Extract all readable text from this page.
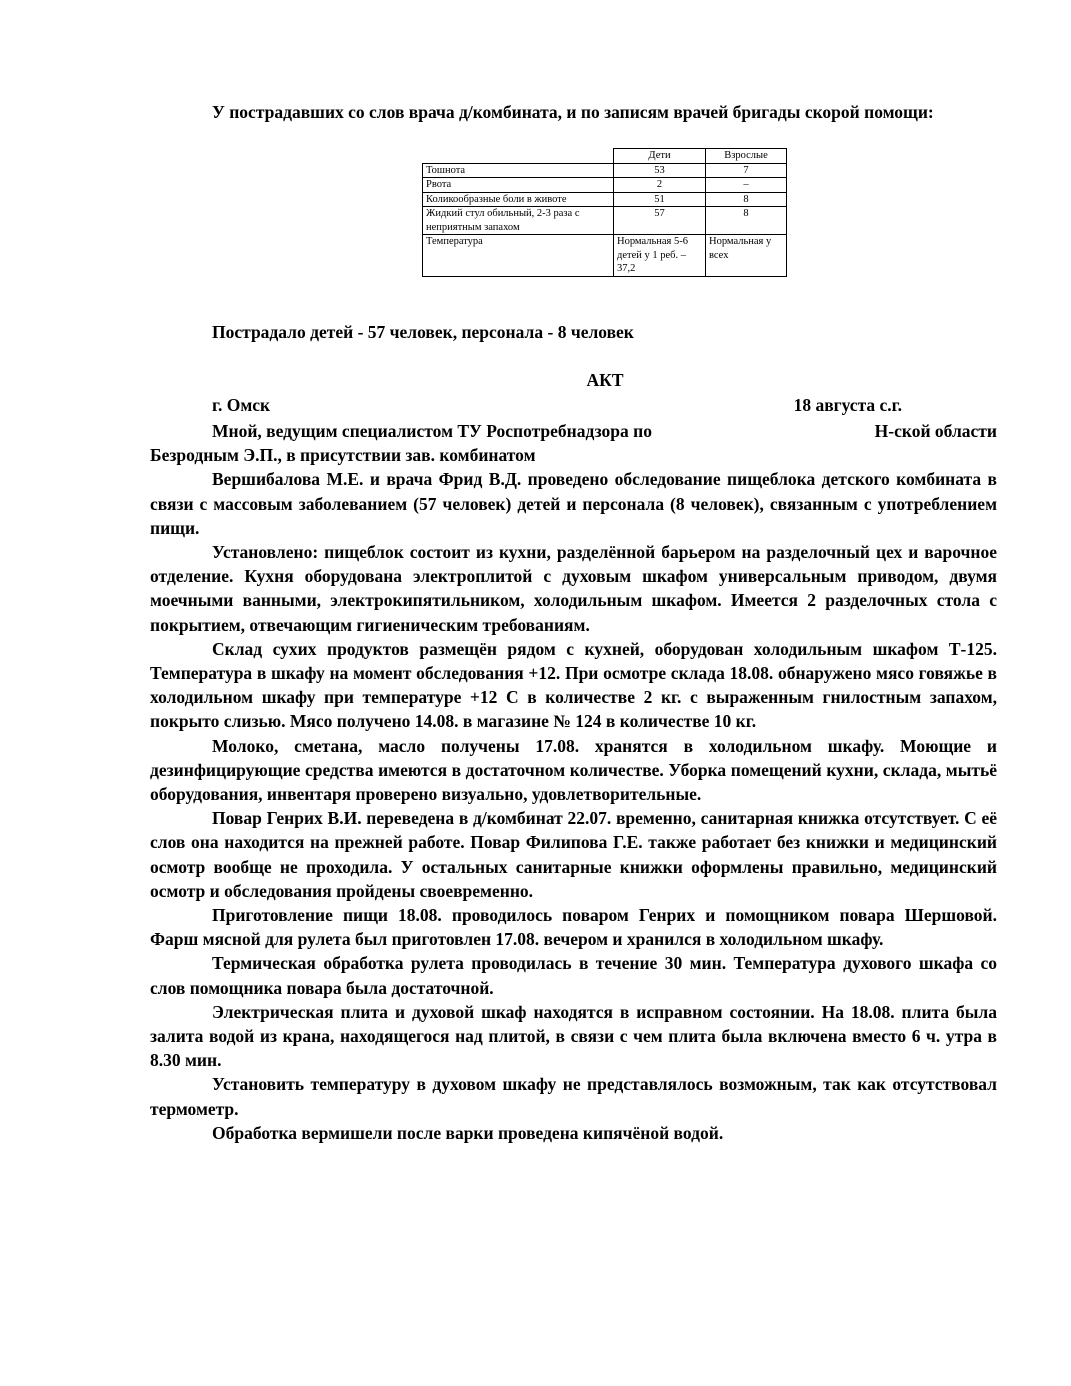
У пострадавших со слов врача д/комбината, и по записям врачей бригады скорой помощи:

	Дети	Взрослые
Тошнота	53	7
Рвота	2	–
Коликообразные боли в животе	51	8
Жидкий стул обильный, 2-3 раза с неприятным запахом	57	8
Температура	Нормальная 5-6 детей у 1 реб. – 37,2	Нормальная у всех
Пострадало детей - 57 человек, персонала - 8 человек
АКТ
г. Омск	18 августа с.г.

Мной, ведущим специалистом ТУ Роспотребнадзора по	Н-ской области

Безродным Э.П., в присутствии зав. комбинатом

Вершибалова М.Е. и врача Фрид В.Д. проведено обследование пищеблока детского комбината в связи с массовым заболеванием (57 человек) детей и персонала (8 человек), связанным с употреблением пищи.

Установлено: пищеблок состоит из кухни, разделённой барьером на разделочный цех и варочное отделение. Кухня оборудована электроплитой с духовым шкафом универсальным приводом, двумя моечными ванными, электрокипятильником, холодильным шкафом. Имеется 2 разделочных стола с покрытием, отвечающим гигиеническим требованиям.

Склад сухих продуктов размещён рядом с кухней, оборудован холодильным шкафом Т-125. Температура в шкафу на момент обследования +12. При осмотре склада 18.08. обнаружено мясо говяжье в холодильном шкафу при температуре +12 С в количестве 2 кг. с выраженным гнилостным запахом, покрыто слизью. Мясо получено 14.08. в магазине № 124 в количестве 10 кг.

Молоко, сметана, масло получены 17.08. хранятся в холодильном шкафу. Моющие и дезинфицирующие средства имеются в достаточном количестве. Уборка помещений кухни, склада, мытьё оборудования, инвентаря проверено визуально, удовлетворительные.

Повар Генрих В.И. переведена в д/комбинат 22.07. временно, санитарная книжка отсутствует. С её слов она находится на прежней работе. Повар Филипова Г.Е. также работает без книжки и медицинский осмотр вообще не проходила. У остальных санитарные книжки оформлены правильно, медицинский осмотр и обследования пройдены своевременно.

Приготовление пищи 18.08. проводилось поваром Генрих и помощником повара Шершовой. Фарш мясной для рулета был приготовлен 17.08. вечером и хранился в холодильном шкафу.

Термическая обработка рулета проводилась в течение 30 мин. Температура духового шкафа со слов помощника повара была достаточной.

Электрическая плита и духовой шкаф находятся в исправном состоянии. На 18.08. плита была залита водой из крана, находящегося над плитой, в связи с чем плита была включена вместо 6 ч. утра в 8.30 мин.

Установить температуру в духовом шкафу не представлялось возможным, так как отсутствовал термометр.

Обработка вермишели после варки проведена кипячёной водой.
